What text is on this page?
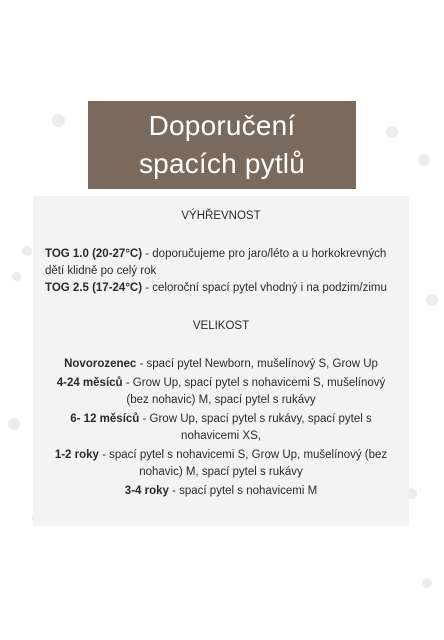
Doporučení
spacích pytlů

VÝHŘEVNOST

TOG 1.0 (20-27°C) - doporučujeme pro jaro/léto a u horkokrevných dětí klidně po celý rok

TOG 2.5 (17-24°C) - celoroční spací pytel vhodný i na podzim/zimu

VELIKOST

Novorozenec - spací pytel Newborn, mušelínový S, Grow Up

4-24 měsíců - Grow Up, spací pytel s nohavicemi S, mušelínový (bez nohavic) M, spací pytel s rukávy

6- 12 měsíců - Grow Up, spací pytel s rukávy, spací pytel s nohavicemi XS,

1-2 roky - spací pytel s nohavicemi S, Grow Up, mušelínový (bez nohavic) M, spací pytel s rukávy

3-4 roky - spací pytel s nohavicemi M
